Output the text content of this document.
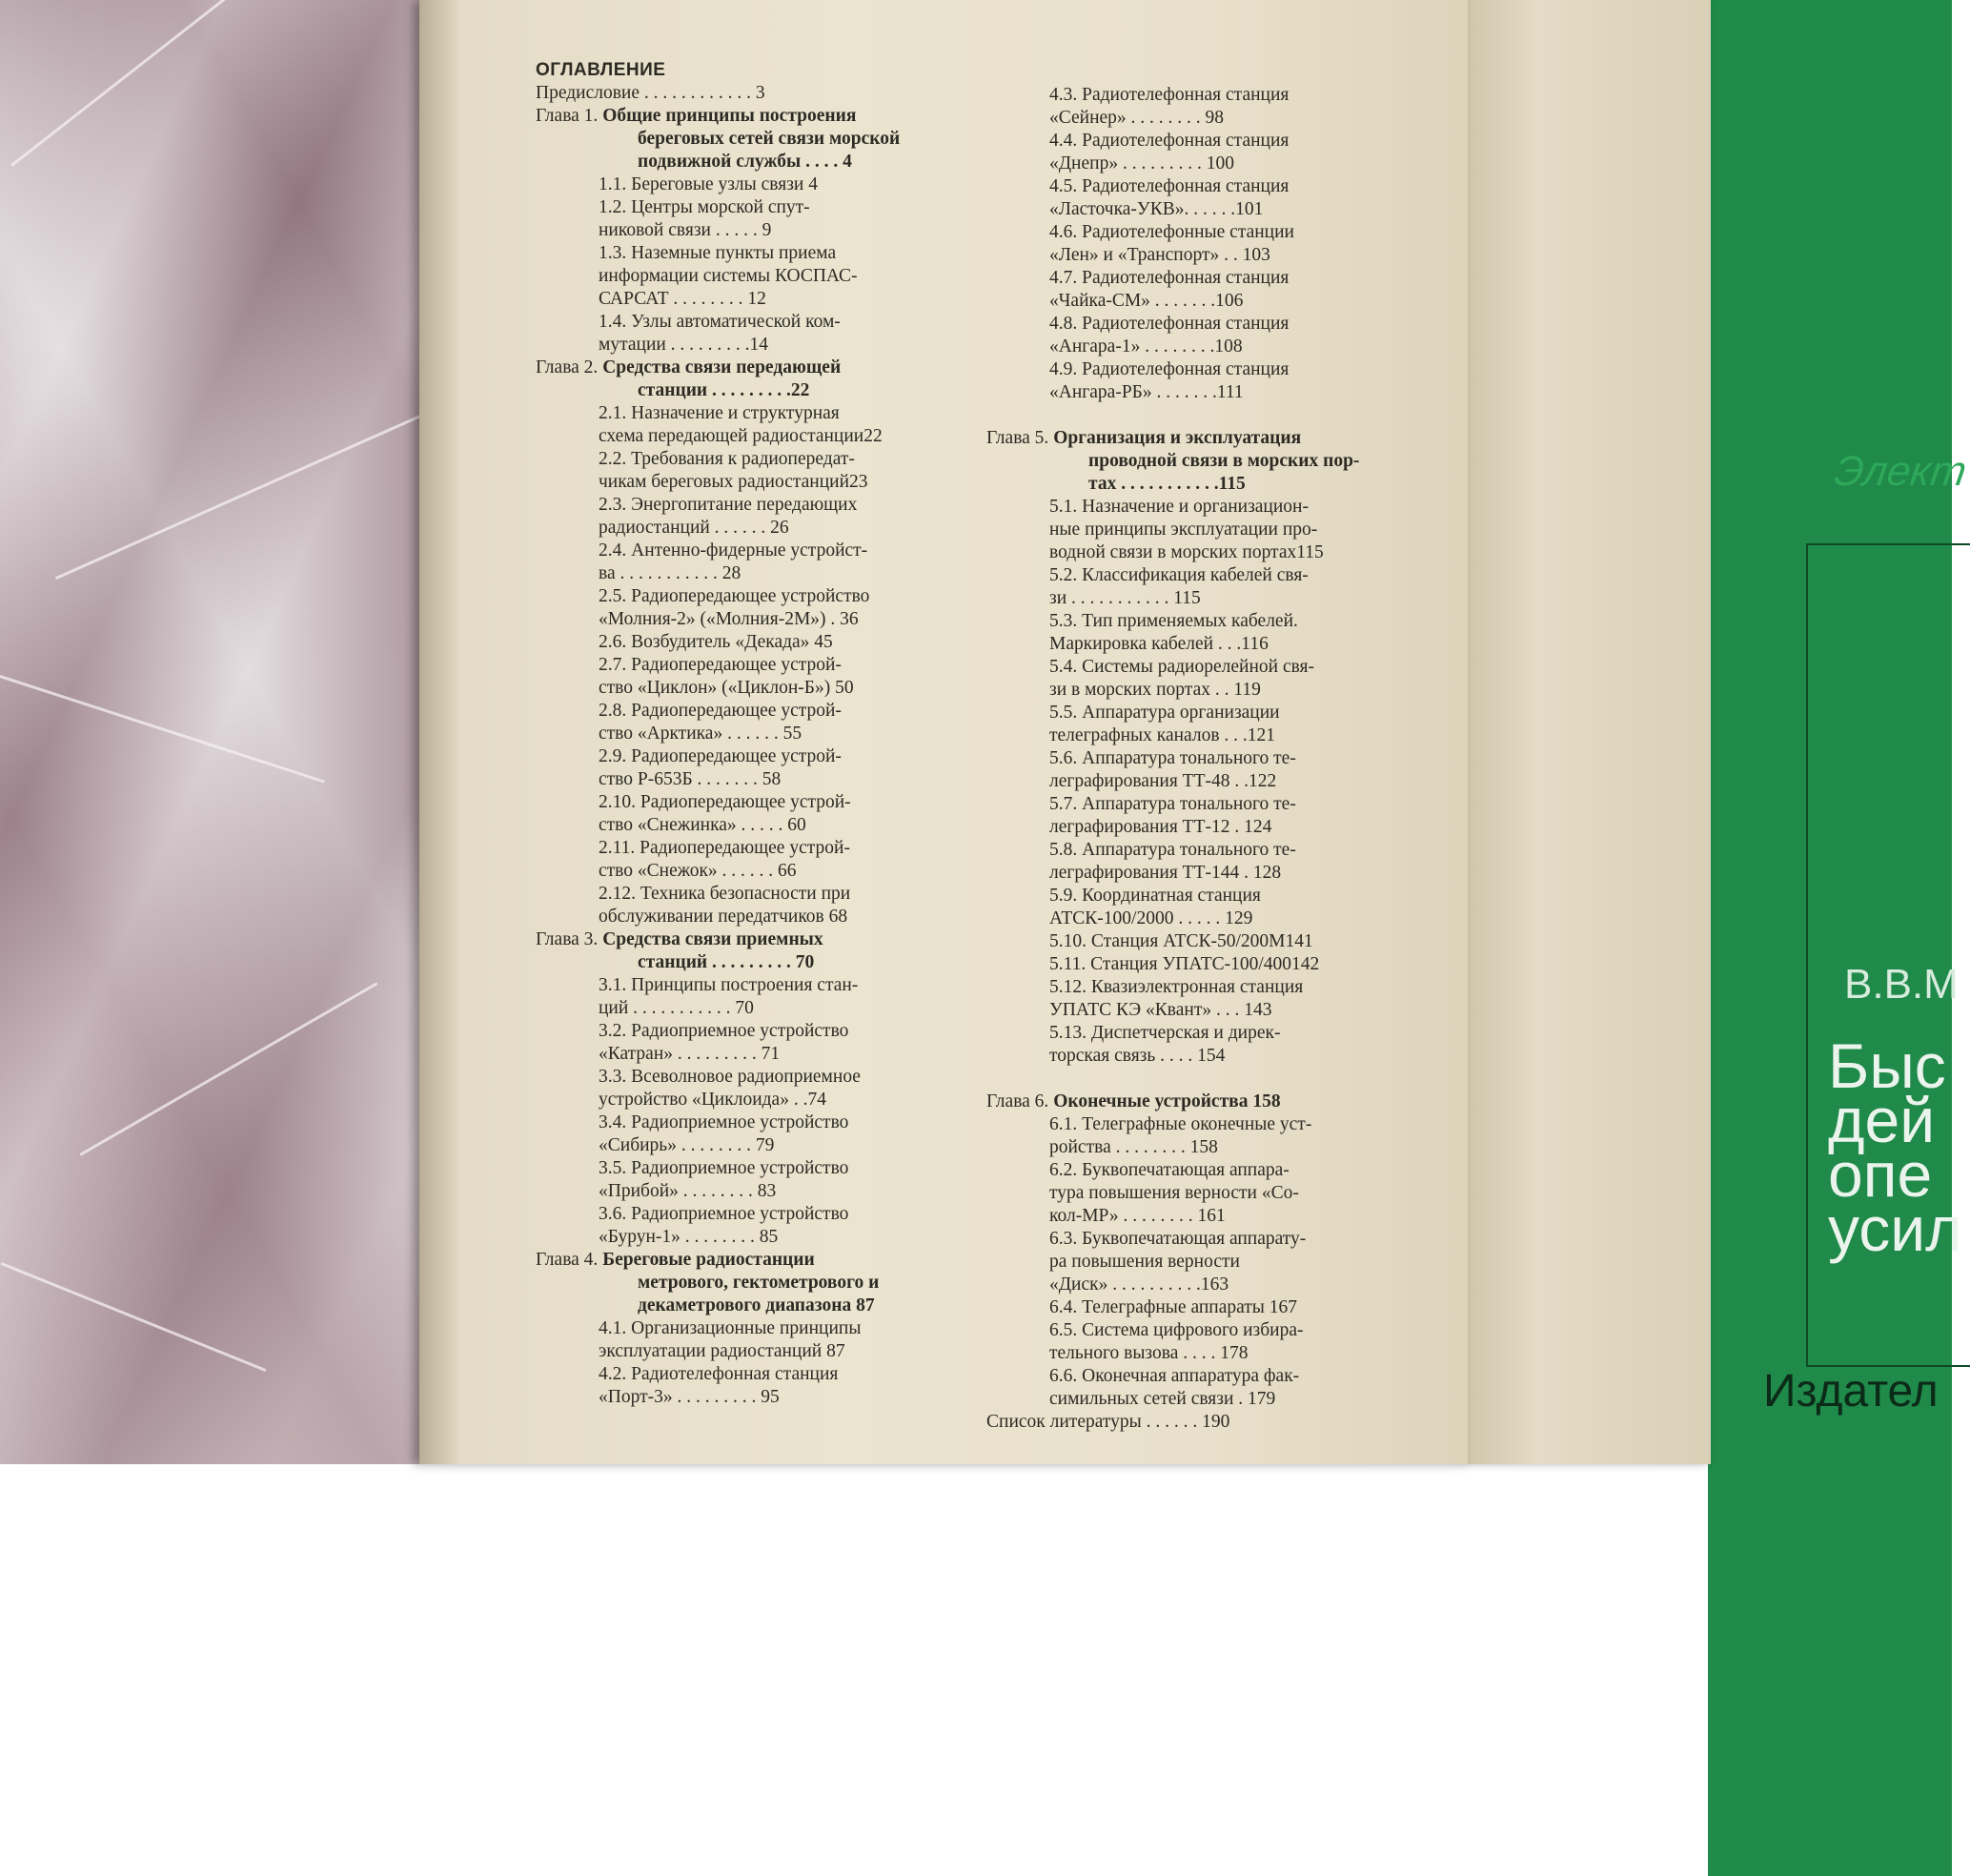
Элект
В.В.М
Быс
дей
опе
усил
Издател
ОГЛАВЛЕНИЕ
Предисловие . . . . . . . . . . . . 3
Глава 1. Общие принципы построения
береговых сетей связи морской
подвижной службы . . . . 4
1.1. Береговые узлы связи 4
1.2. Центры морской спут-
никовой связи . . . . . 9
1.3. Наземные пункты приема
информации системы КОСПАС-
САРСАТ . . . . . . . . 12
1.4. Узлы автоматической ком-
мутации . . . . . . . . .14
Глава 2. Средства связи передающей
станции . . . . . . . . .22
2.1. Назначение и структурная
схема передающей радиостанции22
2.2. Требования к радиопередат-
чикам береговых радиостанций23
2.3. Энергопитание передающих
радиостанций . . . . . . 26
2.4. Антенно-фидерные устройст-
ва . . . . . . . . . . . 28
2.5. Радиопередающее устройство
«Молния-2» («Молния-2М») . 36
2.6. Возбудитель «Декада» 45
2.7. Радиопередающее устрой-
ство «Циклон» («Циклон-Б») 50
2.8. Радиопередающее устрой-
ство «Арктика» . . . . . . 55
2.9. Радиопередающее устрой-
ство Р-653Б . . . . . . . 58
2.10. Радиопередающее устрой-
ство «Снежинка» . . . . . 60
2.11. Радиопередающее устрой-
ство «Снежок» . . . . . . 66
2.12. Техника безопасности при
обслуживании передатчиков 68
Глава 3. Средства связи приемных
станций . . . . . . . . . 70
3.1. Принципы построения стан-
ций . . . . . . . . . . . 70
3.2. Радиоприемное устройство
«Катран» . . . . . . . . . 71
3.3. Всеволновое радиоприемное
устройство «Циклоида» . .74
3.4. Радиоприемное устройство
«Сибирь» . . . . . . . . 79
3.5. Радиоприемное устройство
«Прибой» . . . . . . . . 83
3.6. Радиоприемное устройство
«Бурун-1» . . . . . . . . 85
Глава 4. Береговые радиостанции
метрового, гектометрового и
декаметрового диапазона 87
4.1. Организационные принципы
эксплуатации радиостанций 87
4.2. Радиотелефонная станция
«Порт-3» . . . . . . . . . 95
4.3. Радиотелефонная станция
«Сейнер» . . . . . . . . 98
4.4. Радиотелефонная станция
«Днепр» . . . . . . . . . 100
4.5. Радиотелефонная станция
«Ласточка-УКВ». . . . . .101
4.6. Радиотелефонные станции
«Лен» и «Транспорт» . . 103
4.7. Радиотелефонная станция
«Чайка-СМ» . . . . . . .106
4.8. Радиотелефонная станция
«Ангара-1» . . . . . . . .108
4.9. Радиотелефонная станция
«Ангара-РБ» . . . . . . .111
Глава 5. Организация и эксплуатация
проводной связи в морских пор-
тах . . . . . . . . . . .115
5.1. Назначение и организацион-
ные принципы эксплуатации про-
водной связи в морских портах115
5.2. Классификация кабелей свя-
зи . . . . . . . . . . . 115
5.3. Тип применяемых кабелей.
Маркировка кабелей . . .116
5.4. Системы радиорелейной свя-
зи в морских портах . . 119
5.5. Аппаратура организации
телеграфных каналов . . .121
5.6. Аппаратура тонального те-
леграфирования ТТ-48 . .122
5.7. Аппаратура тонального те-
леграфирования ТТ-12 . 124
5.8. Аппаратура тонального те-
леграфирования ТТ-144 . 128
5.9. Координатная станция
АТСК-100/2000 . . . . . 129
5.10. Станция АТСК-50/200М141
5.11. Станция УПАТС-100/400142
5.12. Квазиэлектронная станция
УПАТС КЭ «Квант» . . . 143
5.13. Диспетчерская и дирек-
торская связь . . . . 154
Глава 6. Оконечные устройства 158
6.1. Телеграфные оконечные уст-
ройства . . . . . . . . 158
6.2. Буквопечатающая аппара-
тура повышения верности «Со-
кол-МР» . . . . . . . . 161
6.3. Буквопечатающая аппарату-
ра повышения верности
«Диск» . . . . . . . . . .163
6.4. Телеграфные аппараты 167
6.5. Система цифрового избира-
тельного вызова . . . . 178
6.6. Оконечная аппаратура фак-
симильных сетей связи . 179
Список литературы . . . . . . 190
